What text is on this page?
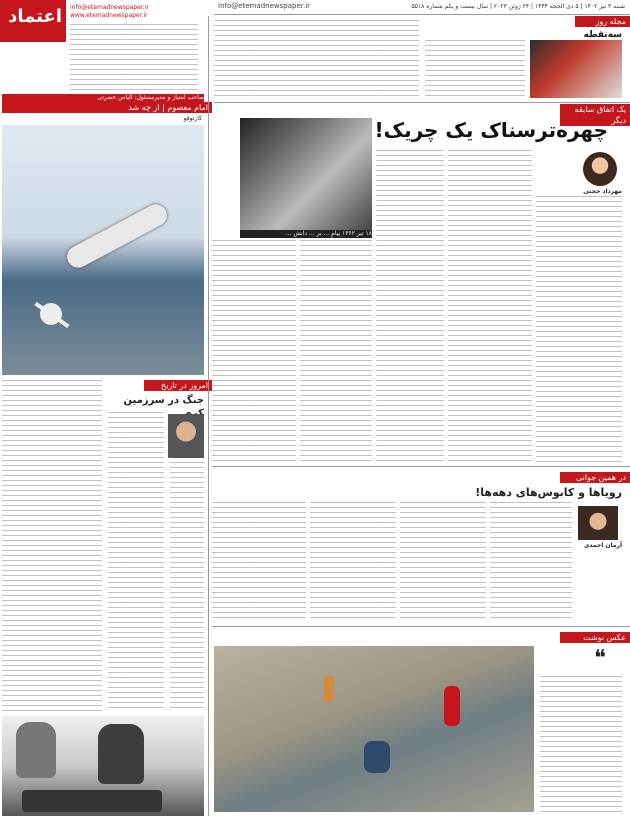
اعتماد info@etemadnewspaper.ir
www.etemadnewspaper.ir
صاحب امتیاز و مدیرمسئول: الیاس حضرتی
Info@etemadnewspaper.ir	شنبه ۳ تیر ۱۴۰۲ | ۵ ذی الحجه ۱۴۴۴ | ۲۴ ژوئن ۲۰۲۳ | سال بیست و یکم شماره ۵۵۱۸
مجله روز
سه‌نقطه
یک اتفاق سابقه دیگر
امام معصوم | از چه شد
کارتوفو	چهره‌ترسناک یک چریک!
مهرداد حجتی
۱۸ تیر ۱۳۶۲ پیامِ ... بر ... دانش ...
در همین جوانی
رویا‌ها و کابوس‌های دهه‌ها!
آرمان احمدی
عکس نوشت
❝
امروز در تاریخ
جنگ در سرزمین
